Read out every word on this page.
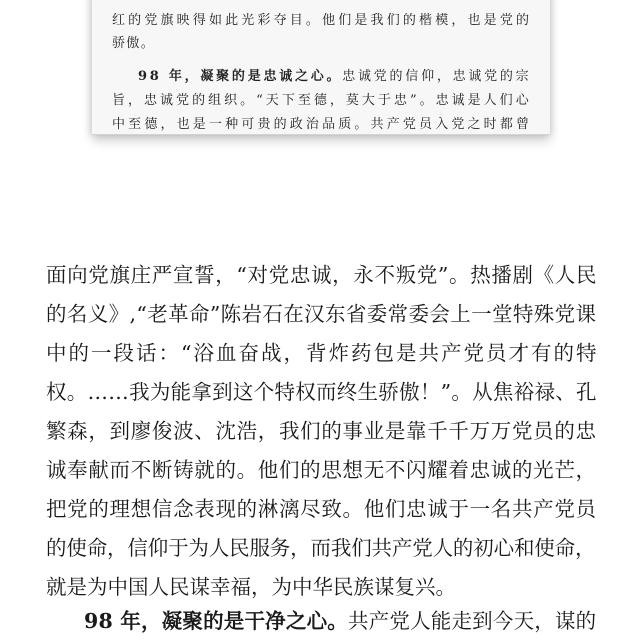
红的党旗映得如此光彩夺目。他们是我们的楷模，也是党的
骄傲。
98 年，凝聚的是忠诚之心。忠诚党的信仰，忠诚党的宗
旨，忠诚党的组织。“天下至德，莫大于忠”。忠诚是人们心
中至德，也是一种可贵的政治品质。共产党员入党之时都曾
面向党旗庄严宣誓，“对党忠诚，永不叛党”。热播剧《人民
的名义》,“老革命”陈岩石在汉东省委常委会上一堂特殊党课
中的一段话：“浴血奋战，背炸药包是共产党员才有的特
权。……我为能拿到这个特权而终生骄傲！”。从焦裕禄、孔
繁森，到廖俊波、沈浩，我们的事业是靠千千万万党员的忠
诚奉献而不断铸就的。他们的思想无不闪耀着忠诚的光芒，
把党的理想信念表现的淋漓尽致。他们忠诚于一名共产党员
的使命，信仰于为人民服务，而我们共产党人的初心和使命，
就是为中国人民谋幸福，为中华民族谋复兴。
98 年，凝聚的是干净之心。共产党人能走到今天，谋的
